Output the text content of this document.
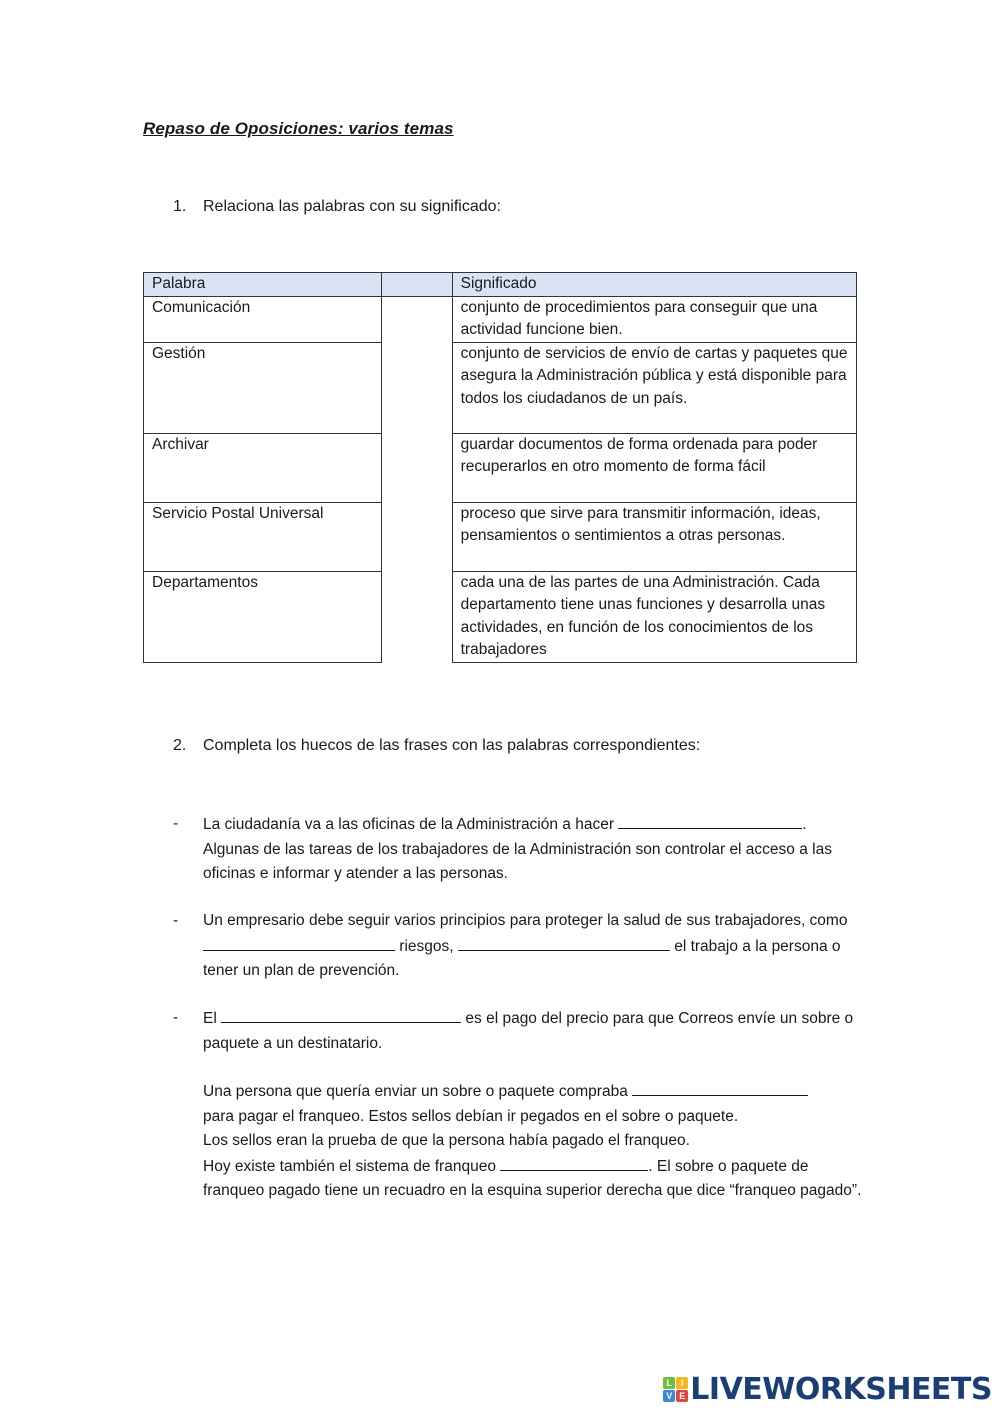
Repaso de Oposiciones: varios temas
1.	Relaciona las palabras con su significado:
Palabra		Significado
Comunicación		conjunto de procedimientos para conseguir que una actividad funcione bien.
Gestión		conjunto de servicios de envío de cartas y paquetes que asegura la Administración pública y está disponible para todos los ciudadanos de un país.
Archivar		guardar documentos de forma ordenada para poder recuperarlos en otro momento de forma fácil
Servicio Postal Universal		proceso que sirve para transmitir información, ideas, pensamientos o sentimientos a otras personas.
Departamentos		cada una de las partes de una Administración. Cada departamento tiene unas funciones y desarrolla unas actividades, en función de los conocimientos de los trabajadores
2.	Completa los huecos de las frases con las palabras correspondientes:
-	La ciudadanía va a las oficinas de la Administración a hacer	. Algunas de las tareas de los trabajadores de la Administración son controlar el acceso a las oficinas e informar y atender a las personas.
-	Un empresario debe seguir varios principios para proteger la salud de sus trabajadores, como  riesgos,	el trabajo a la persona o tener un plan de prevención.
-	El	es el pago del precio para que Correos envíe un sobre o paquete a un destinatario.
Una persona que quería enviar un sobre o paquete compraba
para pagar el franqueo. Estos sellos debían ir pegados en el sobre o paquete.
Los sellos eran la prueba de que la persona había pagado el franqueo.
Hoy existe también el sistema de franqueo	. El sobre o paquete de franqueo pagado tiene un recuadro en la esquina superior derecha que dice “franqueo pagado”.
L I
V E LIVEWORKSHEETS
